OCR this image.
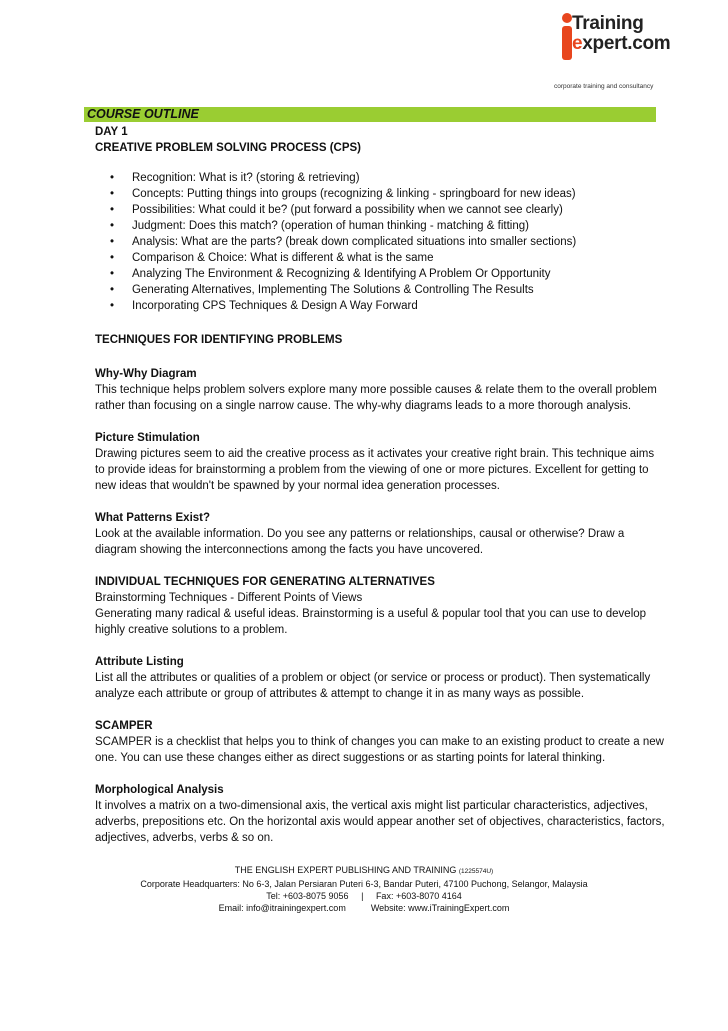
Training
expert.com
corporate training and consultancy
COURSE OUTLINE
DAY 1
CREATIVE PROBLEM SOLVING PROCESS (CPS)
• Recognition: What is it? (storing & retrieving)
• Concepts: Putting things into groups (recognizing & linking - springboard for new ideas)
• Possibilities: What could it be? (put forward a possibility when we cannot see clearly)
• Judgment: Does this match? (operation of human thinking - matching & fitting)
• Analysis: What are the parts? (break down complicated situations into smaller sections)
• Comparison & Choice: What is different & what is the same
• Analyzing The Environment & Recognizing & Identifying A Problem Or Opportunity
• Generating Alternatives, Implementing The Solutions & Controlling The Results
• Incorporating CPS Techniques & Design A Way Forward
TECHNIQUES FOR IDENTIFYING PROBLEMS
Why-Why Diagram

This technique helps problem solvers explore many more possible causes & relate them to the overall problem rather than focusing on a single narrow cause. The why-why diagrams leads to a more thorough analysis.

Picture Stimulation

Drawing pictures seem to aid the creative process as it activates your creative right brain. This technique aims to provide ideas for brainstorming a problem from the viewing of one or more pictures. Excellent for getting to new ideas that wouldn't be spawned by your normal idea generation processes.

What Patterns Exist?

Look at the available information. Do you see any patterns or relationships, causal or otherwise? Draw a diagram showing the interconnections among the facts you have uncovered.

INDIVIDUAL TECHNIQUES FOR GENERATING ALTERNATIVES
Brainstorming Techniques - Different Points of Views

Generating many radical & useful ideas. Brainstorming is a useful & popular tool that you can use to develop highly creative solutions to a problem.

Attribute Listing

List all the attributes or qualities of a problem or object (or service or process or product). Then systematically analyze each attribute or group of attributes & attempt to change it in as many ways as possible.

SCAMPER

SCAMPER is a checklist that helps you to think of changes you can make to an existing product to create a new one. You can use these changes either as direct suggestions or as starting points for lateral thinking.

Morphological Analysis

It involves a matrix on a two-dimensional axis, the vertical axis might list particular characteristics, adjectives, adverbs, prepositions etc. On the horizontal axis would appear another set of objectives, characteristics, factors, adjectives, adverbs, verbs & so on.

THE ENGLISH EXPERT PUBLISHING AND TRAINING (1225574U)
Corporate Headquarters: No 6-3, Jalan Persiaran Puteri 6-3, Bandar Puteri, 47100 Puchong, Selangor, Malaysia
Tel: +603-8075 9056 | Fax: +603-8070 4164
Email: info@itrainingexpert.com	Website: www.iTrainingExpert.com
